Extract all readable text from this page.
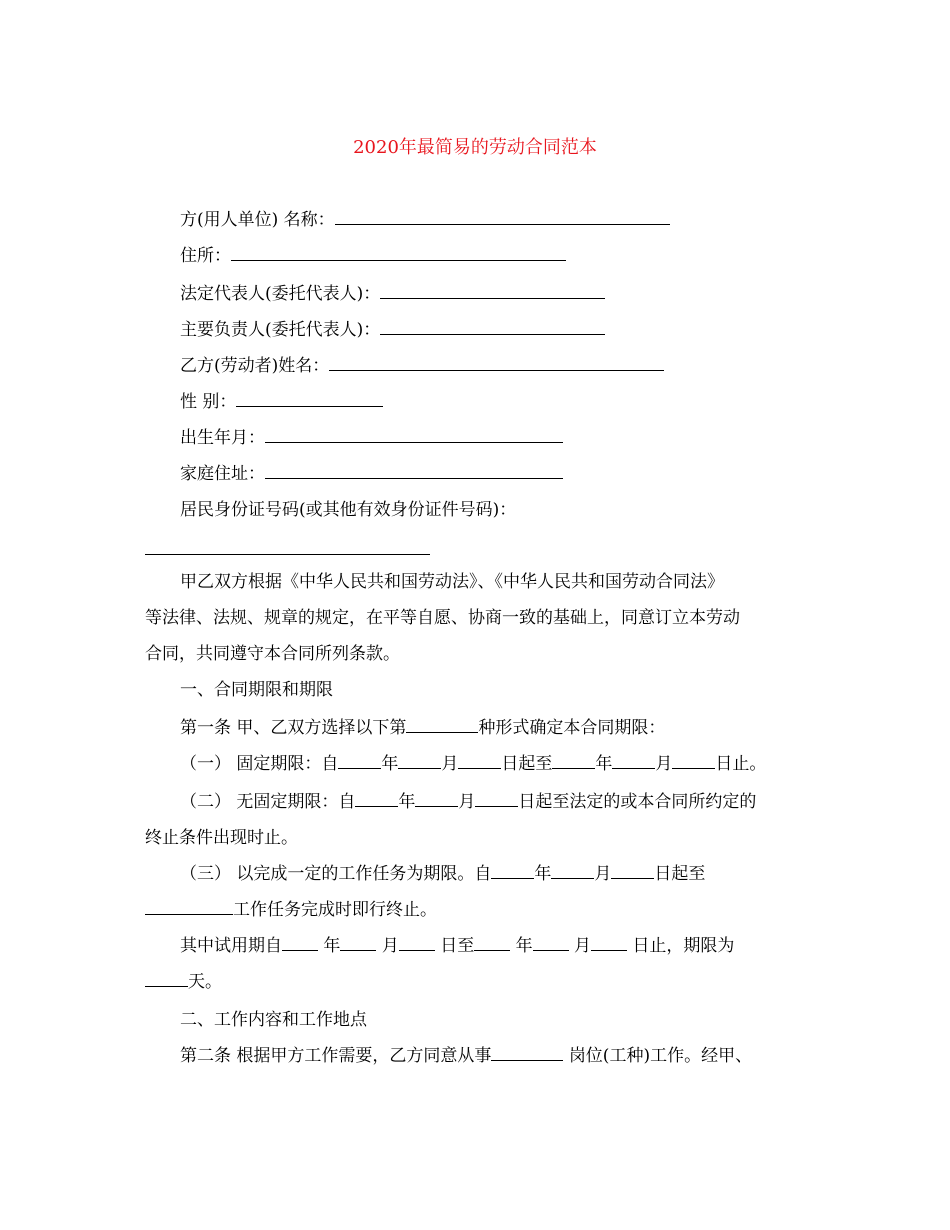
2020年最简易的劳动合同范本
方(用人单位) 名称：
住所：
法定代表人(委托代表人)：
主要负责人(委托代表人)：
乙方(劳动者)姓名：
性 别：
出生年月：
家庭住址：
居民身份证号码(或其他有效身份证件号码)：
甲乙双方根据《中华人民共和国劳动法》、《中华人民共和国劳动合同法》
等法律、法规、规章的规定，在平等自愿、协商一致的基础上，同意订立本劳动
合同，共同遵守本合同所列条款。
一、合同期限和期限
第一条 甲、乙双方选择以下第	种形式确定本合同期限：
（一） 固定期限：自	年	月	日起至	年	月	日止。
（二） 无固定期限：自	年	月	日起至法定的或本合同所约定的
终止条件出现时止。
（三） 以完成一定的工作任务为期限。自	年	月	日起至
工作任务完成时即行终止。
其中试用期自 年 月 日至 年 月 日止，期限为
天。
二、工作内容和工作地点
第二条 根据甲方工作需要，乙方同意从事	岗位(工种)工作。经甲、
